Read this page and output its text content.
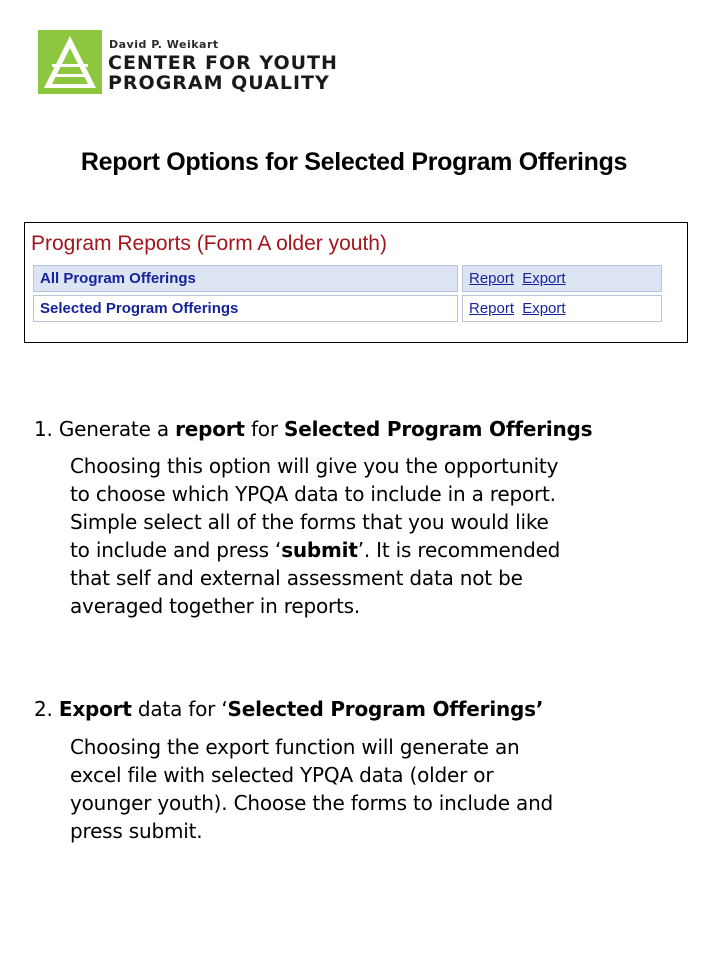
David P. Weikart
CENTER FOR YOUTH
PROGRAM QUALITY
Report Options for Selected Program Offerings
Program Reports (Form A older youth)
All Program Offerings	Report Export
Selected Program Offerings	Report Export
1. Generate a report for Selected Program Offerings
Choosing this option will give you the opportunity
to choose which YPQA data to include in a report.
Simple select all of the forms that you would like
to include and press ‘submit’. It is recommended
that self and external assessment data not be
averaged together in reports.
2. Export data for ‘Selected Program Offerings’
Choosing the export function will generate an
excel file with selected YPQA data (older or
younger youth). Choose the forms to include and
press submit.
